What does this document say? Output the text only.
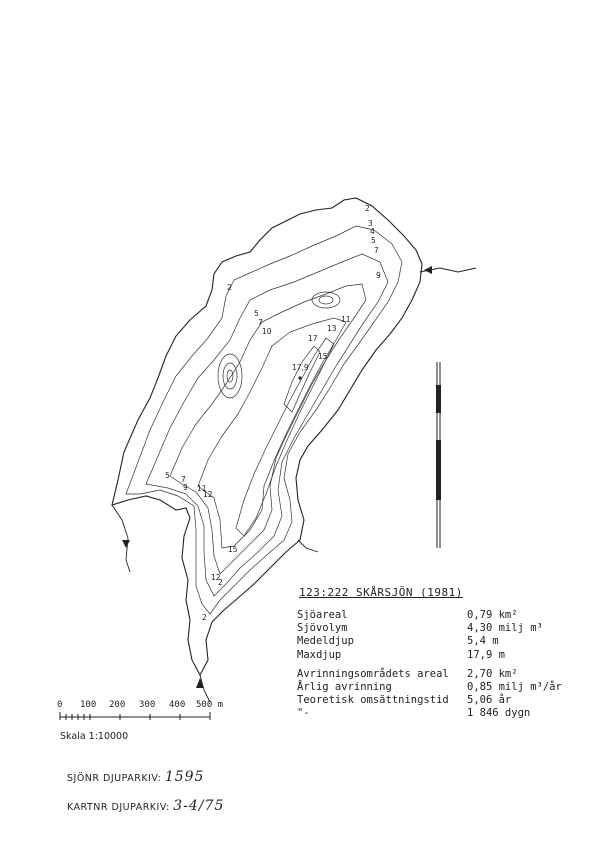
17,9
2
3
4
5
7
9
2
5
7
10
11
13
15
17
5 7
9 11
12
15
2
12
2
0 100 200 300 400 500 m
Skala 1:10000
123:222 SKÅRSJÖN (1981)
Sjöareal	0,79 km²
Sjövolym	4,30 milj m³
Medeldjup	5,4 m
Maxdjup	17,9 m
Avrinningsområdets areal 2,70 km²
Årlig avrinning	0,85 milj m³/år
Teoretisk omsättningstid 5,06 år
"-	1 846 dygn
SJÖNR DJUPARKIV: 1595
KARTNR DJUPARKIV: 3-4/75
